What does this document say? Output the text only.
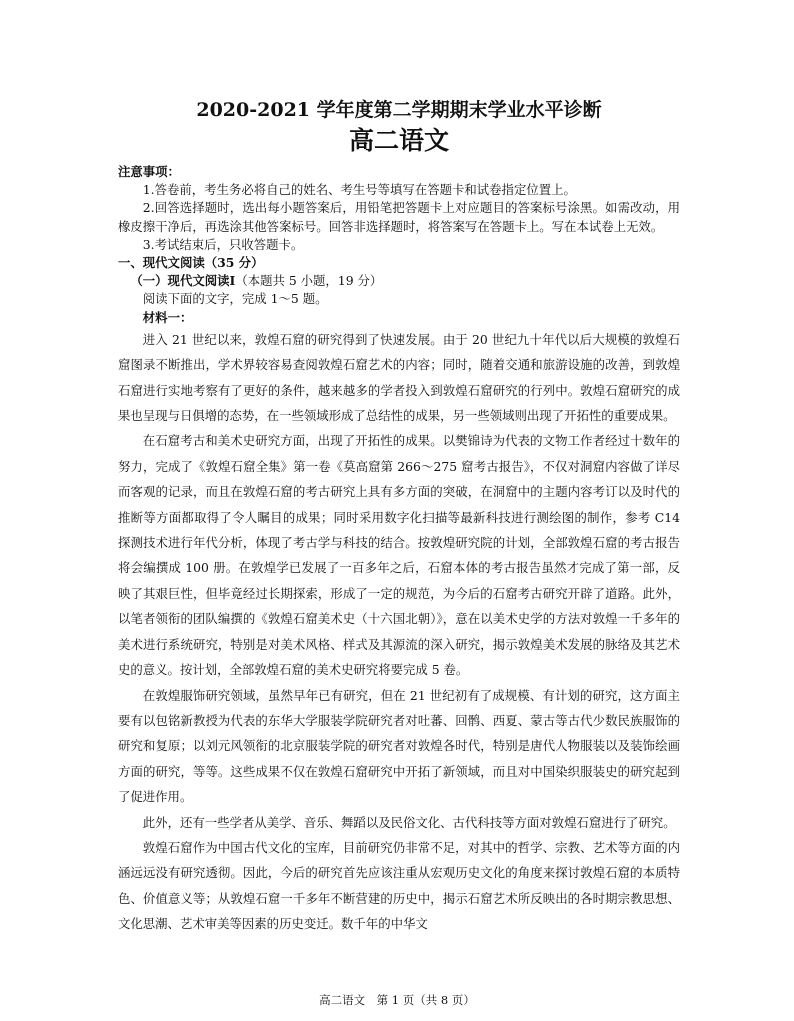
2020-2021 学年度第二学期期末学业水平诊断
高二语文

注意事项：

1.答卷前，考生务必将自己的姓名、考生号等填写在答题卡和试卷指定位置上。

2.回答选择题时，选出每小题答案后，用铅笔把答题卡上对应题目的答案标号涂黑。如需改动，用橡皮擦干净后，再选涂其他答案标号。回答非选择题时，将答案写在答题卡上。写在本试卷上无效。

3.考试结束后，只收答题卡。

一、现代文阅读（35 分）

（一）现代文阅读Ⅰ（本题共 5 小题，19 分）

阅读下面的文字，完成 1～5 题。

材料一：

进入 21 世纪以来，敦煌石窟的研究得到了快速发展。由于 20 世纪九十年代以后大规模的敦煌石窟图录不断推出，学术界较容易查阅敦煌石窟艺术的内容；同时，随着交通和旅游设施的改善，到敦煌石窟进行实地考察有了更好的条件，越来越多的学者投入到敦煌石窟研究的行列中。敦煌石窟研究的成果也呈现与日俱增的态势，在一些领域形成了总结性的成果，另一些领域则出现了开拓性的重要成果。

在石窟考古和美术史研究方面，出现了开拓性的成果。以樊锦诗为代表的文物工作者经过十数年的努力，完成了《敦煌石窟全集》第一卷《莫高窟第 266～275 窟考古报告》，不仅对洞窟内容做了详尽而客观的记录，而且在敦煌石窟的考古研究上具有多方面的突破，在洞窟中的主题内容考订以及时代的推断等方面都取得了令人瞩目的成果；同时采用数字化扫描等最新科技进行测绘图的制作，参考 C14 探测技术进行年代分析，体现了考古学与科技的结合。按敦煌研究院的计划，全部敦煌石窟的考古报告将会编撰成 100 册。在敦煌学已发展了一百多年之后，石窟本体的考古报告虽然才完成了第一部，反映了其艰巨性，但毕竟经过长期探索，形成了一定的规范，为今后的石窟考古研究开辟了道路。此外，以笔者领衔的团队编撰的《敦煌石窟美术史（十六国北朝）》，意在以美术史学的方法对敦煌一千多年的美术进行系统研究，特别是对美术风格、样式及其源流的深入研究，揭示敦煌美术发展的脉络及其艺术史的意义。按计划，全部敦煌石窟的美术史研究将要完成 5 卷。

在敦煌服饰研究领域，虽然早年已有研究，但在 21 世纪初有了成规模、有计划的研究，这方面主要有以包铭新教授为代表的东华大学服装学院研究者对吐蕃、回鹘、西夏、蒙古等古代少数民族服饰的研究和复原；以刘元风领衔的北京服装学院的研究者对敦煌各时代，特别是唐代人物服装以及装饰绘画方面的研究，等等。这些成果不仅在敦煌石窟研究中开拓了新领域，而且对中国染织服装史的研究起到了促进作用。

此外，还有一些学者从美学、音乐、舞蹈以及民俗文化、古代科技等方面对敦煌石窟进行了研究。

敦煌石窟作为中国古代文化的宝库，目前研究仍非常不足，对其中的哲学、宗教、艺术等方面的内涵远远没有研究透彻。因此，今后的研究首先应该注重从宏观历史文化的角度来探讨敦煌石窟的本质特色、价值意义等；从敦煌石窟一千多年不断营建的历史中，揭示石窟艺术所反映出的各时期宗教思想、文化思潮、艺术审美等因素的历史变迁。数千年的中华文

高二语文　第 1 页（共 8 页）
